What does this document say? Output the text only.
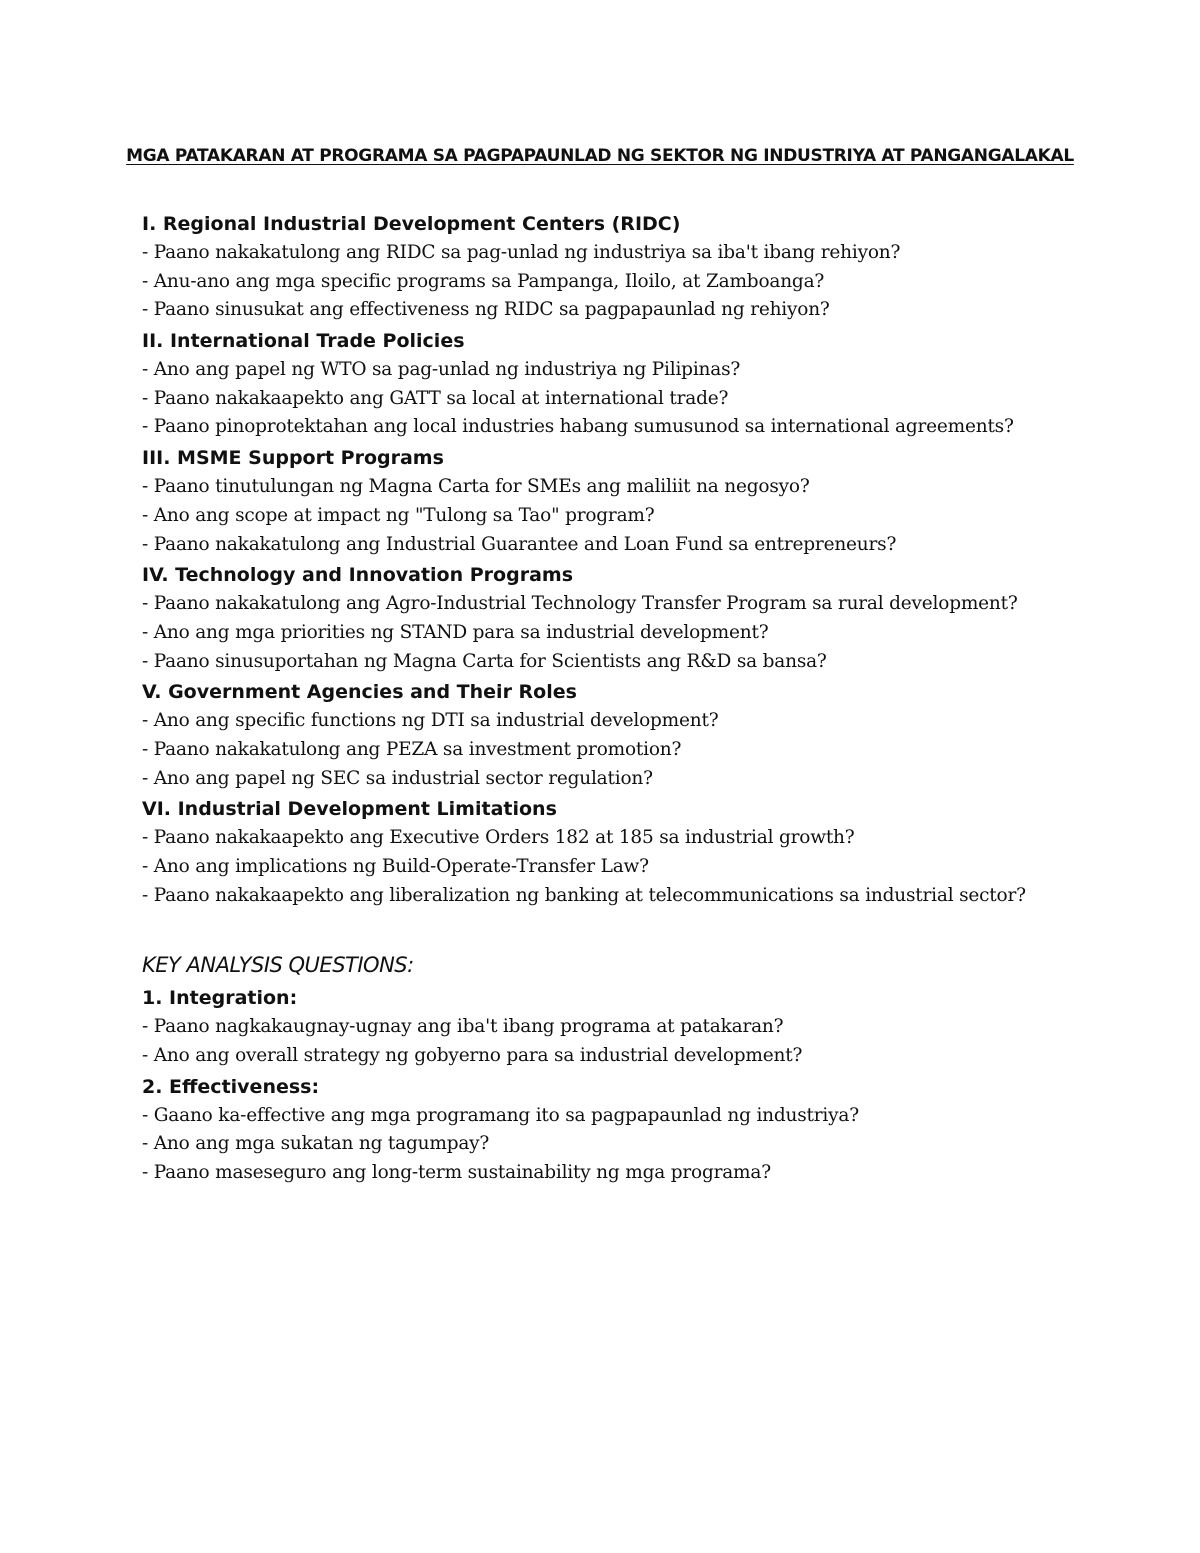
MGA PATAKARAN AT PROGRAMA SA PAGPAPAUNLAD NG SEKTOR NG INDUSTRIYA AT PANGANGALAKAL
I. Regional Industrial Development Centers (RIDC)
- Paano nakakatulong ang RIDC sa pag-unlad ng industriya sa iba't ibang rehiyon?
- Anu-ano ang mga specific programs sa Pampanga, Iloilo, at Zamboanga?
- Paano sinusukat ang effectiveness ng RIDC sa pagpapaunlad ng rehiyon?
II. International Trade Policies
- Ano ang papel ng WTO sa pag-unlad ng industriya ng Pilipinas?
- Paano nakakaapekto ang GATT sa local at international trade?
- Paano pinoprotektahan ang local industries habang sumusunod sa international agreements?
III. MSME Support Programs
- Paano tinutulungan ng Magna Carta for SMEs ang maliliit na negosyo?
- Ano ang scope at impact ng "Tulong sa Tao" program?
- Paano nakakatulong ang Industrial Guarantee and Loan Fund sa entrepreneurs?
IV. Technology and Innovation Programs
- Paano nakakatulong ang Agro-Industrial Technology Transfer Program sa rural development?
- Ano ang mga priorities ng STAND para sa industrial development?
- Paano sinusuportahan ng Magna Carta for Scientists ang R&D sa bansa?
V. Government Agencies and Their Roles
- Ano ang specific functions ng DTI sa industrial development?
- Paano nakakatulong ang PEZA sa investment promotion?
- Ano ang papel ng SEC sa industrial sector regulation?
VI. Industrial Development Limitations
- Paano nakakaapekto ang Executive Orders 182 at 185 sa industrial growth?
- Ano ang implications ng Build-Operate-Transfer Law?
- Paano nakakaapekto ang liberalization ng banking at telecommunications sa industrial sector?
KEY ANALYSIS QUESTIONS:
1. Integration:
- Paano nagkakaugnay-ugnay ang iba't ibang programa at patakaran?
- Ano ang overall strategy ng gobyerno para sa industrial development?
2. Effectiveness:
- Gaano ka-effective ang mga programang ito sa pagpapaunlad ng industriya?
- Ano ang mga sukatan ng tagumpay?
- Paano maseseguro ang long-term sustainability ng mga programa?
